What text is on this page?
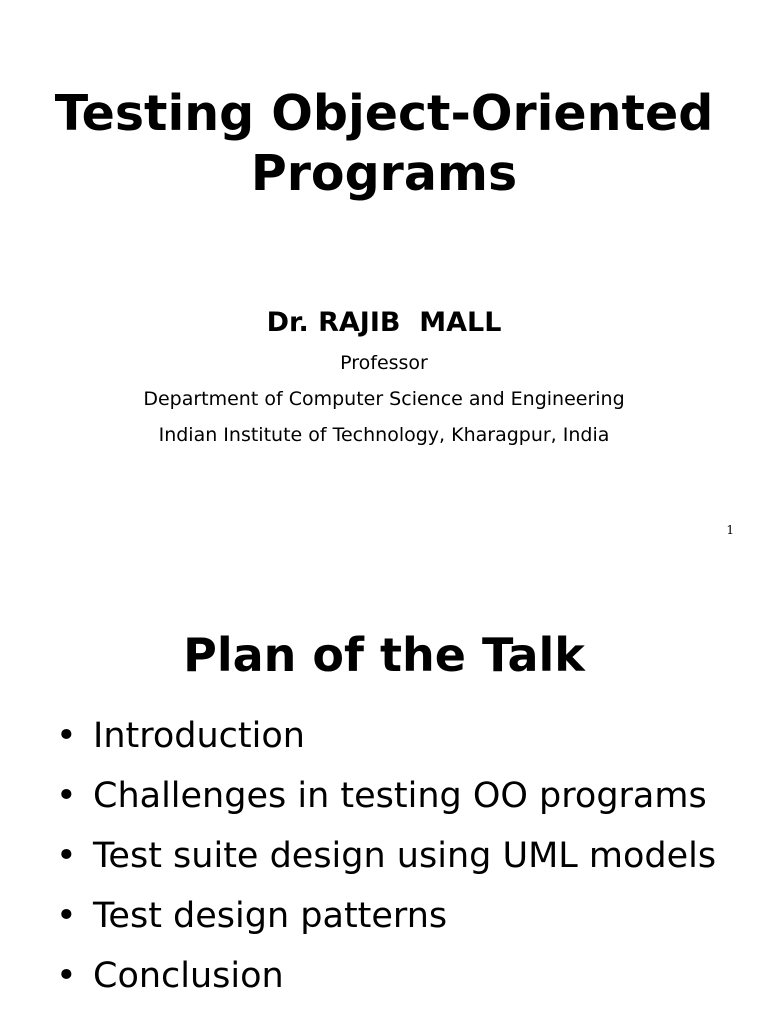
Testing Object-Oriented
Programs
Dr. RAJIB  MALL
Professor
Department of Computer Science and Engineering
Indian Institute of Technology, Kharagpur, India
1
Plan of the Talk
• Introduction
• Challenges in testing OO programs
• Test suite design using UML models
• Test design patterns
• Conclusion
